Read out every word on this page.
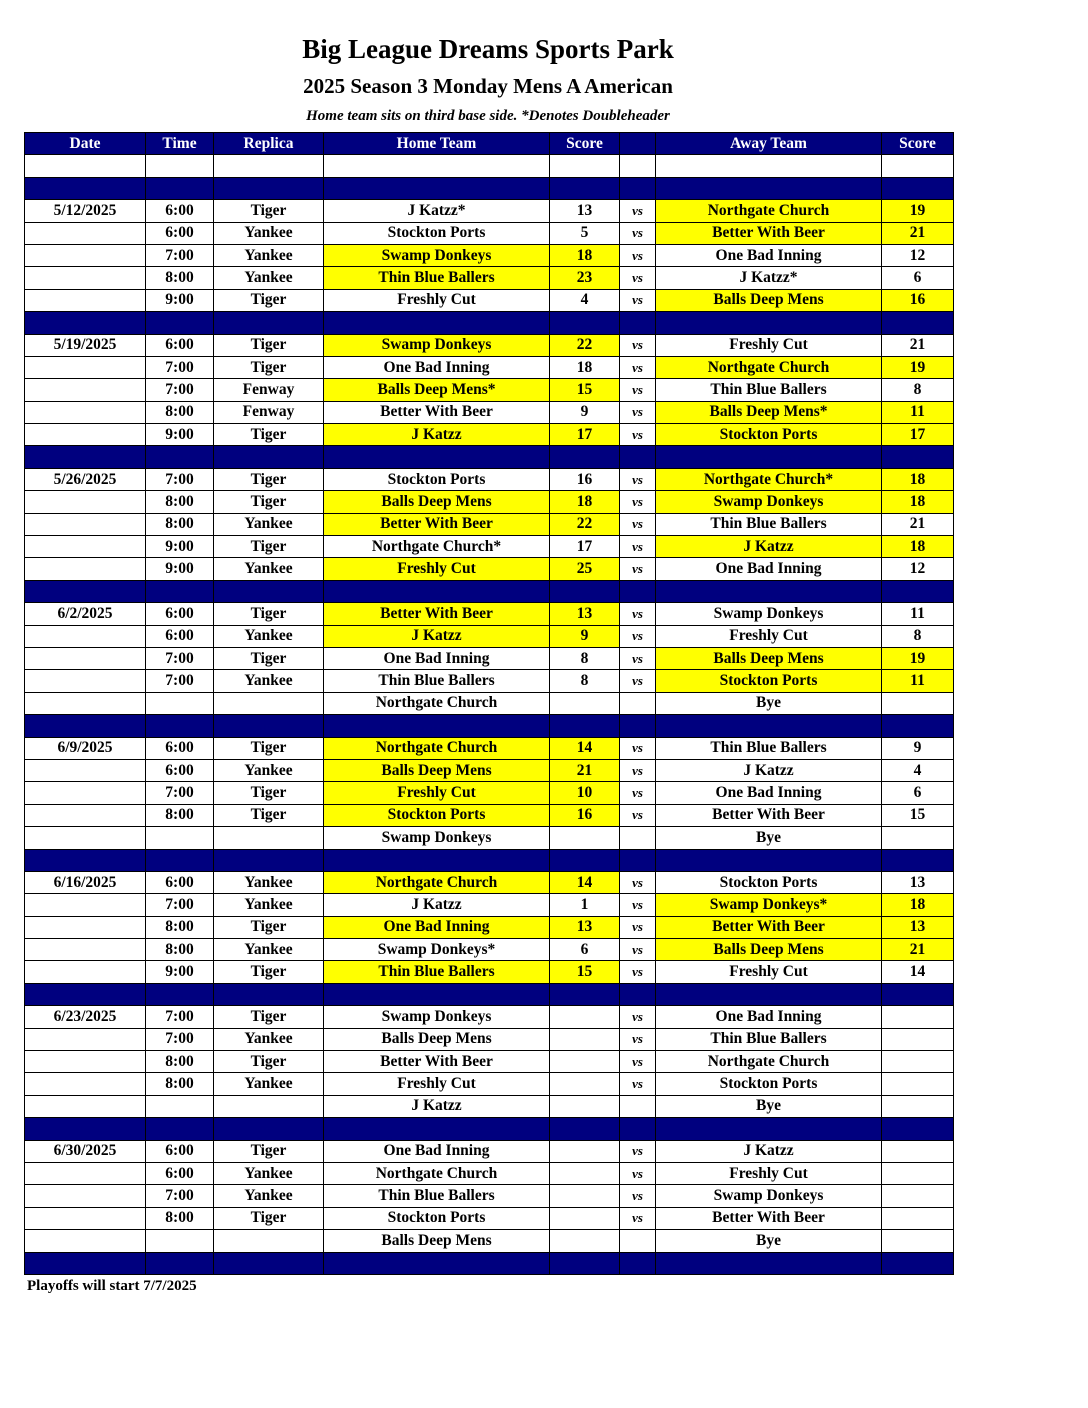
Big League Dreams Sports Park
2025 Season 3 Monday Mens A American
Home team sits on third base side. *Denotes Doubleheader
Date	Time	Replica	Home Team	Score		Away Team	Score

5/12/2025	6:00	Tiger	J Katzz*	13	vs	Northgate Church	19
	6:00	Yankee	Stockton Ports	5	vs	Better With Beer	21
	7:00	Yankee	Swamp Donkeys	18	vs	One Bad Inning	12
	8:00	Yankee	Thin Blue Ballers	23	vs	J Katzz*	6
	9:00	Tiger	Freshly Cut	4	vs	Balls Deep Mens	16

5/19/2025	6:00	Tiger	Swamp Donkeys	22	vs	Freshly Cut	21
	7:00	Tiger	One Bad Inning	18	vs	Northgate Church	19
	7:00	Fenway	Balls Deep Mens*	15	vs	Thin Blue Ballers	8
	8:00	Fenway	Better With Beer	9	vs	Balls Deep Mens*	11
	9:00	Tiger	J Katzz	17	vs	Stockton Ports	17

5/26/2025	7:00	Tiger	Stockton Ports	16	vs	Northgate Church*	18
	8:00	Tiger	Balls Deep Mens	18	vs	Swamp Donkeys	18
	8:00	Yankee	Better With Beer	22	vs	Thin Blue Ballers	21
	9:00	Tiger	Northgate Church*	17	vs	J Katzz	18
	9:00	Yankee	Freshly Cut	25	vs	One Bad Inning	12

6/2/2025	6:00	Tiger	Better With Beer	13	vs	Swamp Donkeys	11
	6:00	Yankee	J Katzz	9	vs	Freshly Cut	8
	7:00	Tiger	One Bad Inning	8	vs	Balls Deep Mens	19
	7:00	Yankee	Thin Blue Ballers	8	vs	Stockton Ports	11
			Northgate Church			Bye	

6/9/2025	6:00	Tiger	Northgate Church	14	vs	Thin Blue Ballers	9
	6:00	Yankee	Balls Deep Mens	21	vs	J Katzz	4
	7:00	Tiger	Freshly Cut	10	vs	One Bad Inning	6
	8:00	Tiger	Stockton Ports	16	vs	Better With Beer	15
			Swamp Donkeys			Bye	

6/16/2025	6:00	Yankee	Northgate Church	14	vs	Stockton Ports	13
	7:00	Yankee	J Katzz	1	vs	Swamp Donkeys*	18
	8:00	Tiger	One Bad Inning	13	vs	Better With Beer	13
	8:00	Yankee	Swamp Donkeys*	6	vs	Balls Deep Mens	21
	9:00	Tiger	Thin Blue Ballers	15	vs	Freshly Cut	14

6/23/2025	7:00	Tiger	Swamp Donkeys		vs	One Bad Inning	
	7:00	Yankee	Balls Deep Mens		vs	Thin Blue Ballers	
	8:00	Tiger	Better With Beer		vs	Northgate Church	
	8:00	Yankee	Freshly Cut		vs	Stockton Ports	
			J Katzz			Bye	

6/30/2025	6:00	Tiger	One Bad Inning		vs	J Katzz	
	6:00	Yankee	Northgate Church		vs	Freshly Cut	
	7:00	Yankee	Thin Blue Ballers		vs	Swamp Donkeys	
	8:00	Tiger	Stockton Ports		vs	Better With Beer	
			Balls Deep Mens			Bye	

Playoffs will start 7/7/2025
